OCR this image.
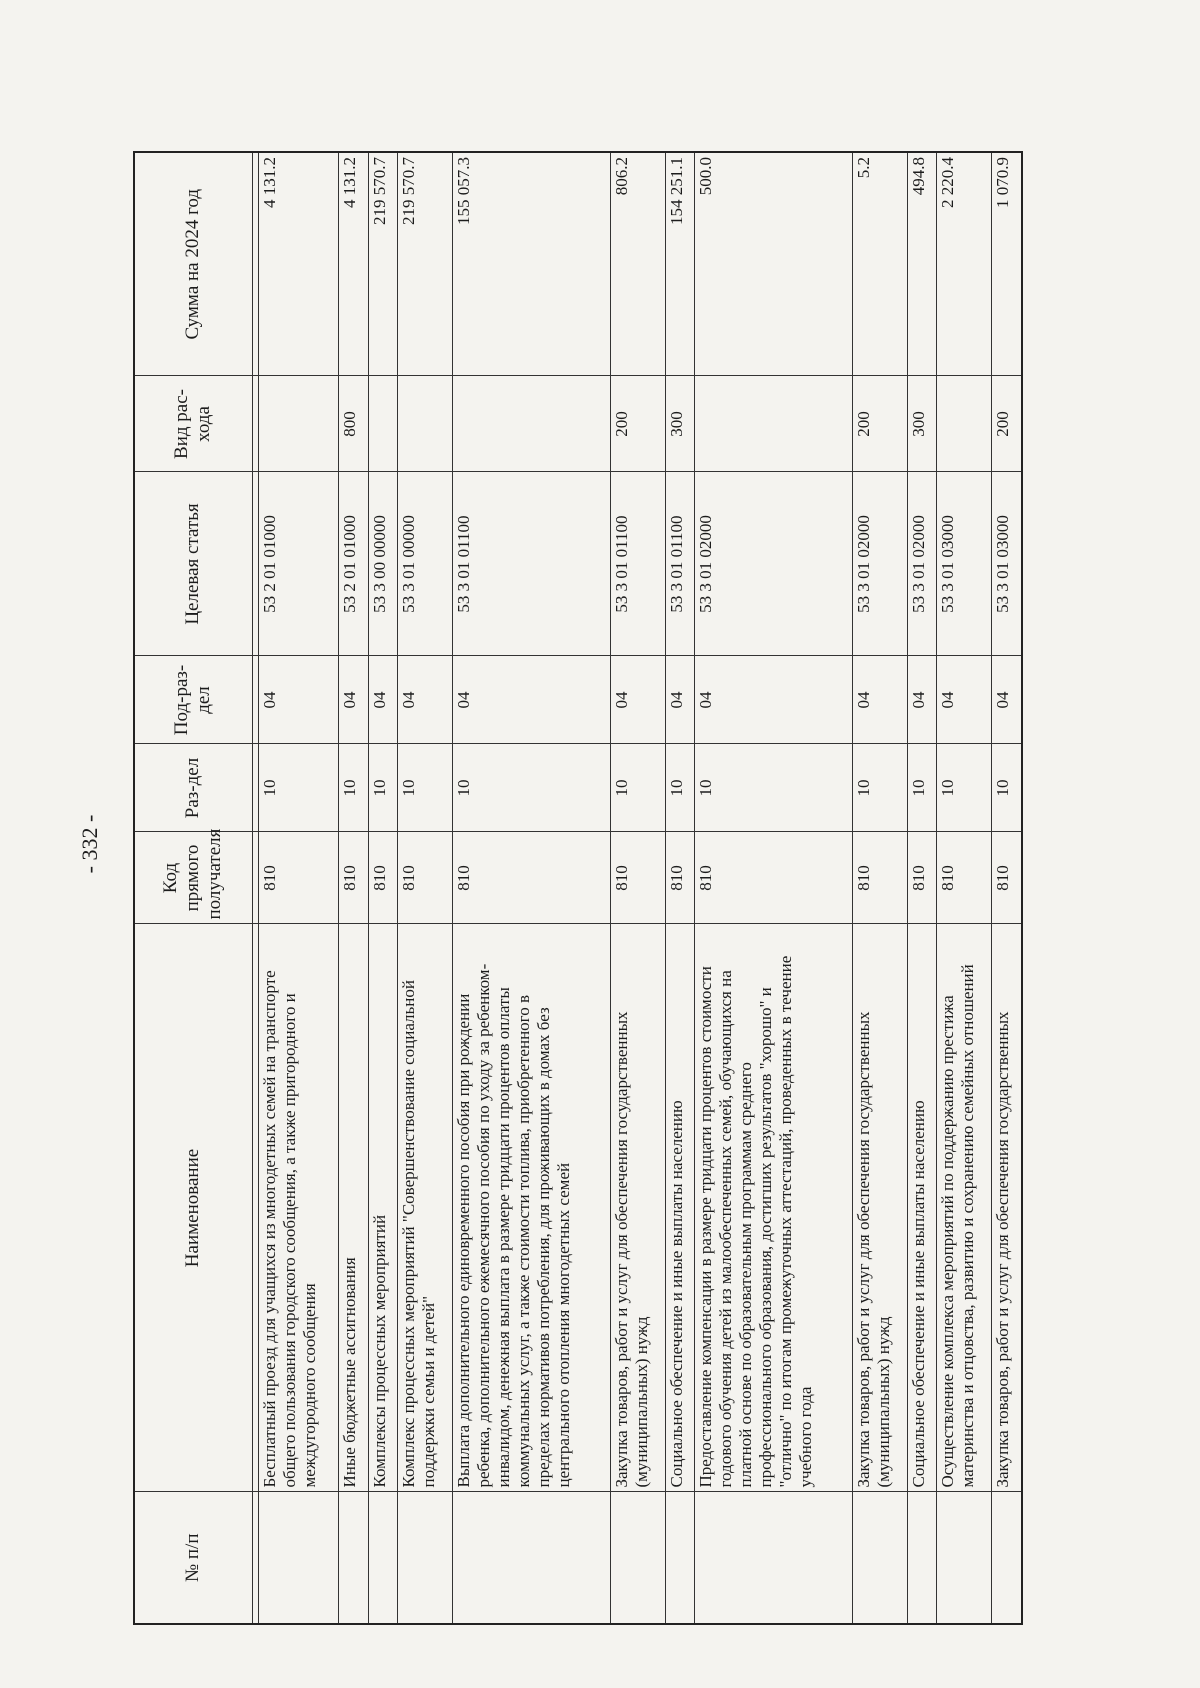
- 332 -
№ п/п	Наименование	Код прямого получателя	Раз-дел	Под-раз-дел	Целевая статья	Вид рас-хода	Сумма на 2024 год

	Бесплатный проезд для учащихся из многодетных семей на транспорте общего пользования городского сообщения, а также пригородного и междугородного сообщения	810	10	04	53 2 01 01000		4 131.2
	Иные бюджетные ассигнования	810	10	04	53 2 01 01000	800	4 131.2
	Комплексы процессных мероприятий	810	10	04	53 3 00 00000		219 570.7
	Комплекс процессных мероприятий "Совершенствование социальной поддержки семьи и детей"	810	10	04	53 3 01 00000		219 570.7
	Выплата дополнительного единовременного пособия при рождении ребенка, дополнительного ежемесячного пособия по уходу за ребенком-инвалидом, денежная выплата в размере тридцати процентов оплаты коммунальных услуг, а также стоимости топлива, приобретенного в пределах нормативов потребления, для проживающих в домах без центрального отопления многодетных семей	810	10	04	53 3 01 01100		155 057.3
	Закупка товаров, работ и услуг для обеспечения государственных (муниципальных) нужд	810	10	04	53 3 01 01100	200	806.2
	Социальное обеспечение и иные выплаты населению	810	10	04	53 3 01 01100	300	154 251.1
	Предоставление компенсации в размере тридцати процентов стоимости годового обучения детей из малообеспеченных семей, обучающихся на платной основе по образовательным программам среднего профессионального образования, достигших результатов "хорошо" и "отлично" по итогам промежуточных аттестаций, проведенных в течение учебного года	810	10	04	53 3 01 02000		500.0
	Закупка товаров, работ и услуг для обеспечения государственных (муниципальных) нужд	810	10	04	53 3 01 02000	200	5.2
	Социальное обеспечение и иные выплаты населению	810	10	04	53 3 01 02000	300	494.8
	Осуществление комплекса мероприятий по поддержанию престижа материнства и отцовства, развитию и сохранению семейных отношений	810	10	04	53 3 01 03000		2 220.4
	Закупка товаров, работ и услуг для обеспечения государственных	810	10	04	53 3 01 03000	200	1 070.9
